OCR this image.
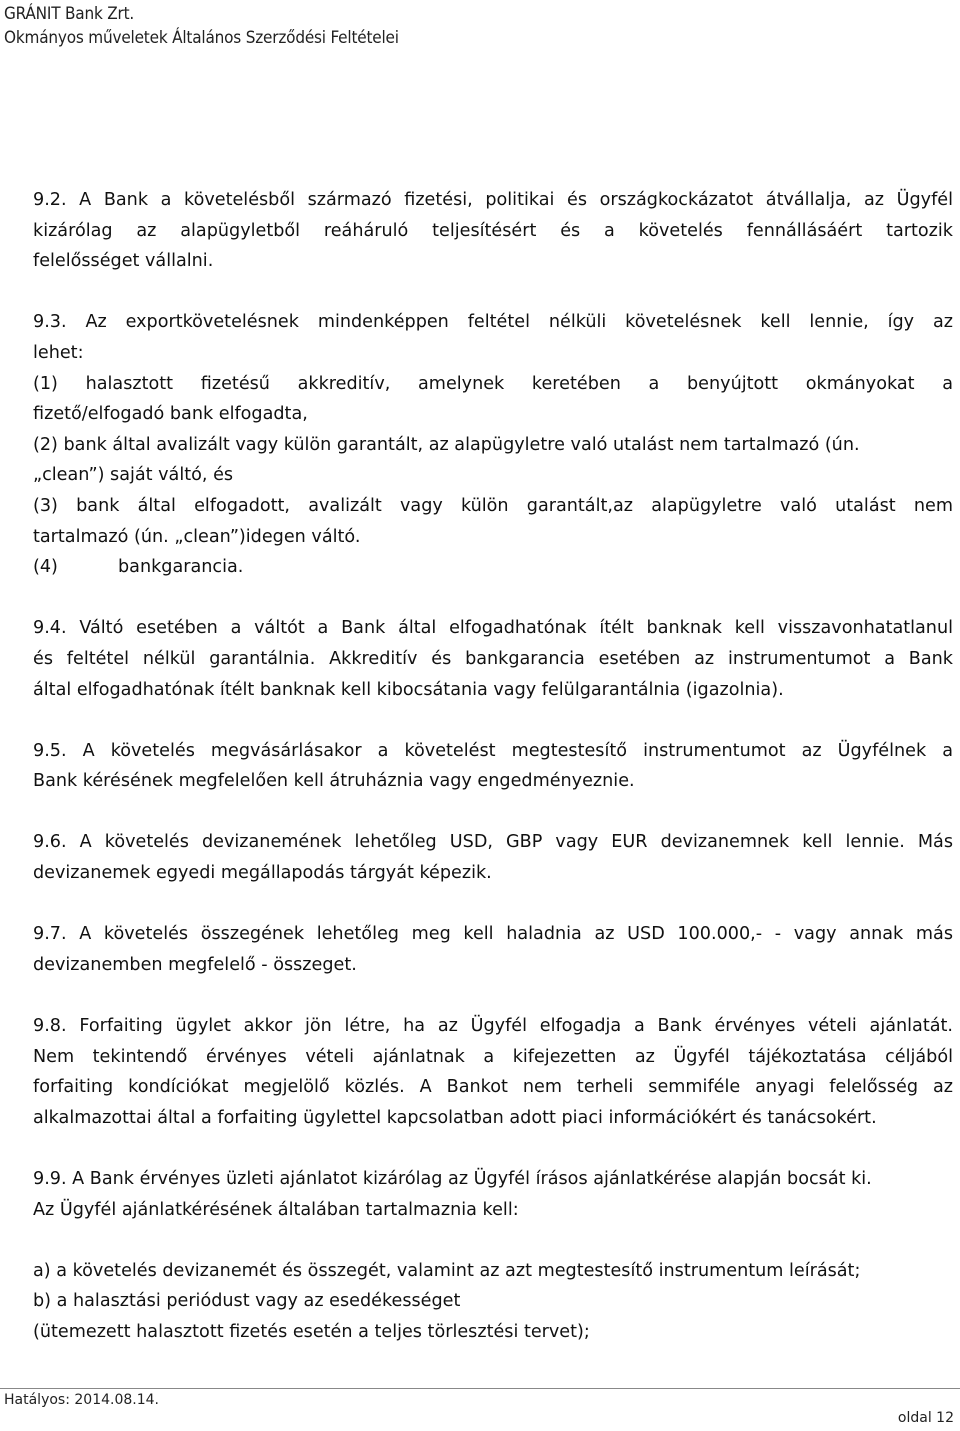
GRÁNIT Bank Zrt.
Okmányos műveletek Általános Szerződési Feltételei
9.2. A Bank a követelésből származó fizetési, politikai és országkockázatot átvállalja, az Ügyfél
kizárólag az alapügyletből reáháruló teljesítésért és a követelés fennállásáért tartozik
felelősséget vállalni.
9.3. Az exportkövetelésnek mindenképpen feltétel nélküli követelésnek kell lennie, így az
lehet:
(1) halasztott fizetésű akkreditív, amelynek keretében a benyújtott okmányokat a
fizető/elfogadó bank elfogadta,
(2) bank által avalizált vagy külön garantált, az alapügyletre való utalást nem tartalmazó (ún.
„clean”) saját váltó, és
(3) bank által elfogadott, avalizált vagy külön garantált,az alapügyletre való utalást nem
tartalmazó (ún. „clean”)idegen váltó.
(4)	bankgarancia.
9.4. Váltó esetében a váltót a Bank által elfogadhatónak ítélt banknak kell visszavonhatatlanul
és feltétel nélkül garantálnia. Akkreditív és bankgarancia esetében az instrumentumot a Bank
által elfogadhatónak ítélt banknak kell kibocsátania vagy felülgarantálnia (igazolnia).
9.5. A követelés megvásárlásakor a követelést megtestesítő instrumentumot az Ügyfélnek a
Bank kérésének megfelelően kell átruháznia vagy engedményeznie.
9.6. A követelés devizanemének lehetőleg USD, GBP vagy EUR devizanemnek kell lennie. Más
devizanemek egyedi megállapodás tárgyát képezik.
9.7. A követelés összegének lehetőleg meg kell haladnia az USD 100.000,- - vagy annak más
devizanemben megfelelő - összeget.
9.8. Forfaiting ügylet akkor jön létre, ha az Ügyfél elfogadja a Bank érvényes vételi ajánlatát.
Nem tekintendő érvényes vételi ajánlatnak a kifejezetten az Ügyfél tájékoztatása céljából
forfaiting kondíciókat megjelölő közlés. A Bankot nem terheli semmiféle anyagi felelősség az
alkalmazottai által a forfaiting ügylettel kapcsolatban adott piaci információkért és tanácsokért.
9.9. A Bank érvényes üzleti ajánlatot kizárólag az Ügyfél írásos ajánlatkérése alapján bocsát ki.
Az Ügyfél ajánlatkérésének általában tartalmaznia kell:
a) a követelés devizanemét és összegét, valamint az azt megtestesítő instrumentum leírását;
b) a halasztási periódust vagy az esedékességet
(ütemezett halasztott fizetés esetén a teljes törlesztési tervet);
Hatályos: 2014.08.14.
oldal 12
